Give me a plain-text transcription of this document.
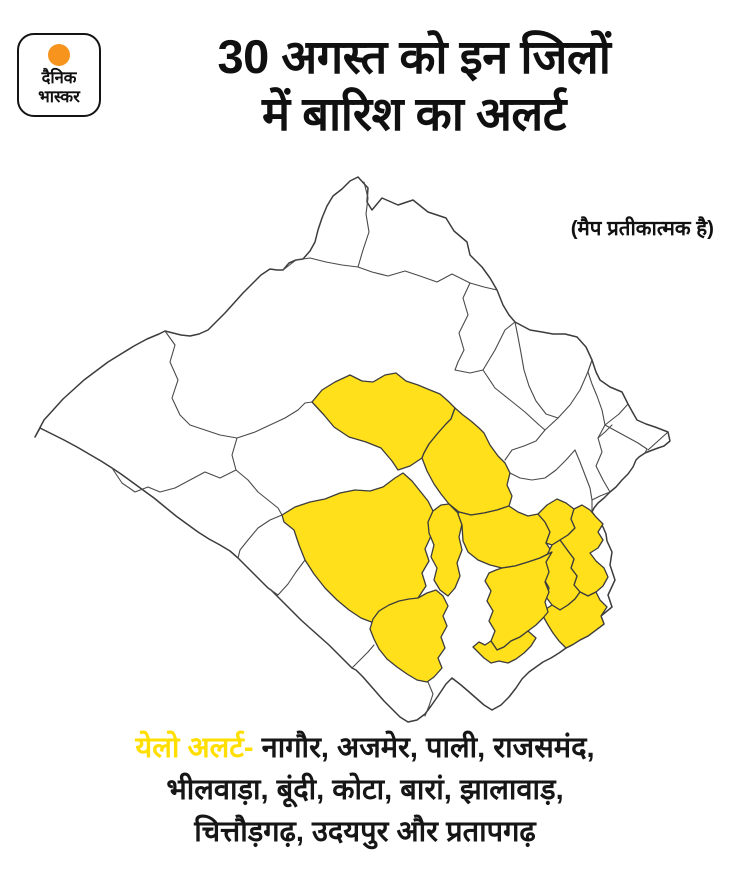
दैनिक
भास्कर
30 अगस्त को इन जिलों
में बारिश का अलर्ट
(मैप प्रतीकात्मक है)
येलो अलर्ट- नागौर, अजमेर, पाली, राजसमंद,
भीलवाड़ा, बूंदी, कोटा, बारां, झालावाड़,
चित्तौड़गढ़, उदयपुर और प्रतापगढ़
